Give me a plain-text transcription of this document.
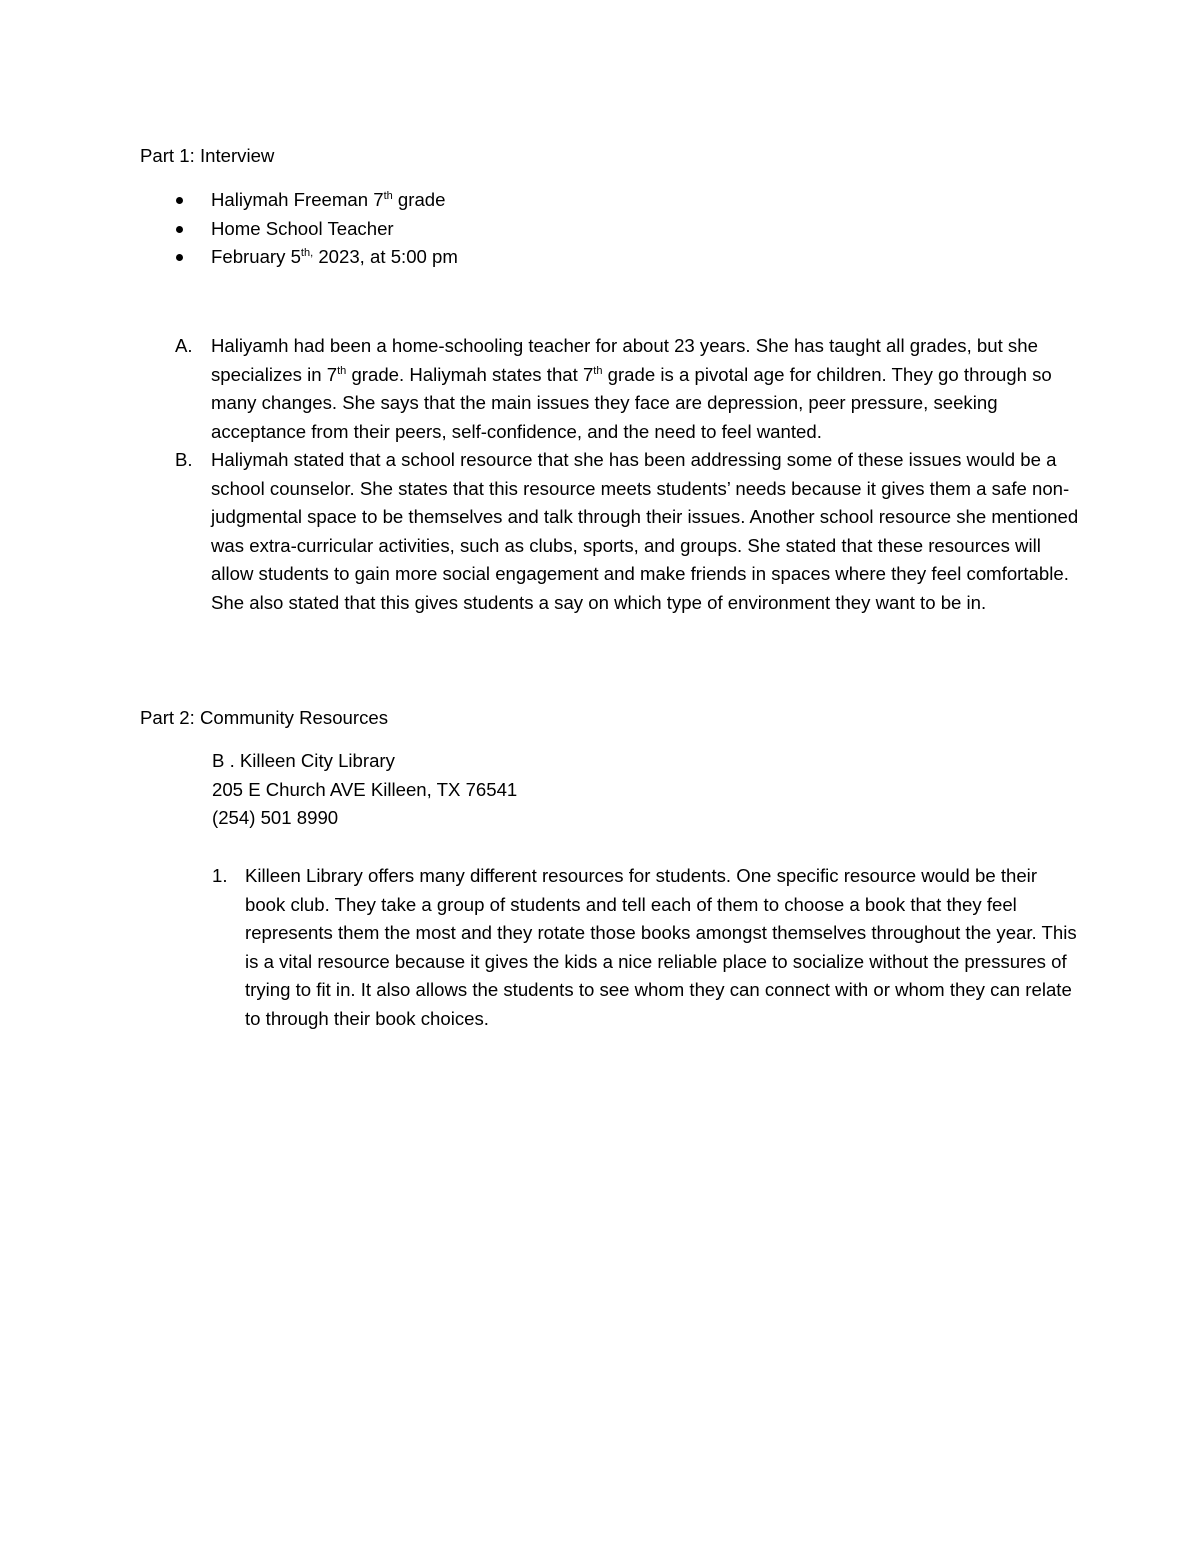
Part 1: Interview
Haliymah Freeman 7th grade
Home School Teacher
February $5^{th,}$ 2023, at 5:00 pm
A. Haliyamh had been a home-schooling teacher for about 23 years. She has taught all grades, but she specializes in 7th grade. Haliymah states that 7th grade is a pivotal age for children. They go through so many changes. She says that the main issues they face are depression, peer pressure, seeking acceptance from their peers, self-confidence, and the need to feel wanted.
B. Haliymah stated that a school resource that she has been addressing some of these issues would be a school counselor. She states that this resource meets students’ needs because it gives them a safe non-judgmental space to be themselves and talk through their issues. Another school resource she mentioned was extra-curricular activities, such as clubs, sports, and groups. She stated that these resources will allow students to gain more social engagement and make friends in spaces where they feel comfortable. She also stated that this gives students a say on which type of environment they want to be in.
Part 2: Community Resources
B . Killeen City Library
205 E Church AVE Killeen, TX 76541
(254) 501 8990
1. Killeen Library offers many different resources for students. One specific resource would be their book club. They take a group of students and tell each of them to choose a book that they feel represents them the most and they rotate those books amongst themselves throughout the year. This is a vital resource because it gives the kids a nice reliable place to socialize without the pressures of trying to fit in. It also allows the students to see whom they can connect with or whom they can relate to through their book choices.
